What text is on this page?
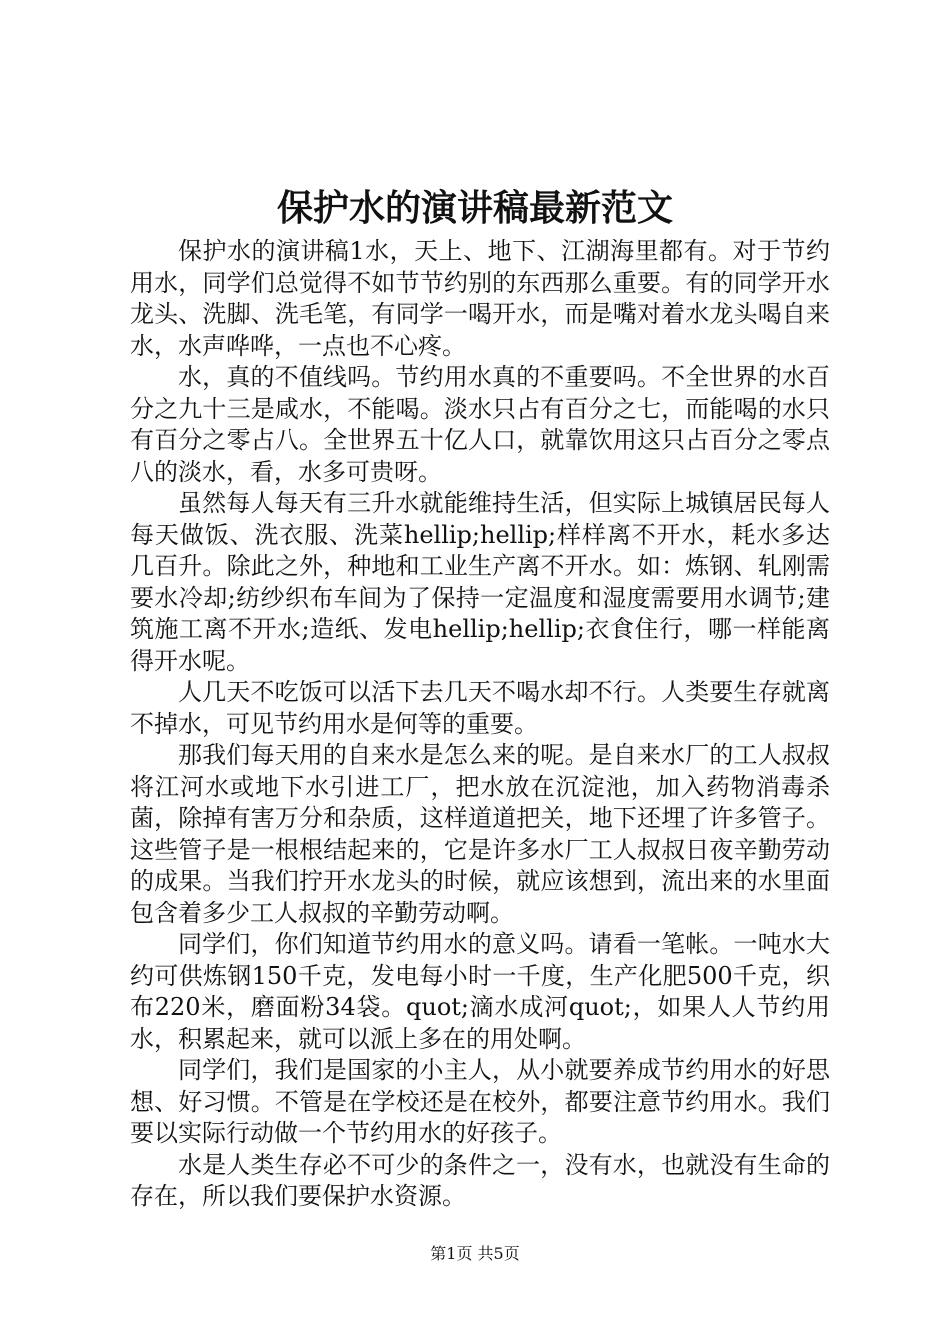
保护水的演讲稿最新范文

保护水的演讲稿1水，天上、地下、江湖海里都有。对于节约用水，同学们总觉得不如节节约别的东西那么重要。有的同学开水龙头、洗脚、洗毛笔，有同学一喝开水，而是嘴对着水龙头喝自来水，水声哗哗，一点也不心疼。

水，真的不值线吗。节约用水真的不重要吗。不全世界的水百分之九十三是咸水，不能喝。淡水只占有百分之七，而能喝的水只有百分之零占八。全世界五十亿人口，就靠饮用这只占百分之零点八的淡水，看，水多可贵呀。

虽然每人每天有三升水就能维持生活，但实际上城镇居民每人每天做饭、洗衣服、洗菜hellip;hellip;样样离不开水，耗水多达几百升。除此之外，种地和工业生产离不开水。如：炼钢、轧刚需要水冷却;纺纱织布车间为了保持一定温度和湿度需要用水调节;建筑施工离不开水;造纸、发电hellip;hellip;衣食住行，哪一样能离得开水呢。

人几天不吃饭可以活下去几天不喝水却不行。人类要生存就离不掉水，可见节约用水是何等的重要。

那我们每天用的自来水是怎么来的呢。是自来水厂的工人叔叔将江河水或地下水引进工厂，把水放在沉淀池，加入药物消毒杀菌，除掉有害万分和杂质，这样道道把关，地下还埋了许多管子。这些管子是一根根结起来的，它是许多水厂工人叔叔日夜辛勤劳动的成果。当我们拧开水龙头的时候，就应该想到，流出来的水里面包含着多少工人叔叔的辛勤劳动啊。

同学们，你们知道节约用水的意义吗。请看一笔帐。一吨水大约可供炼钢150千克，发电每小时一千度，生产化肥500千克，织布220米，磨面粉34袋。quot;滴水成河quot;，如果人人节约用水，积累起来，就可以派上多在的用处啊。

同学们，我们是国家的小主人，从小就要养成节约用水的好思想、好习惯。不管是在学校还是在校外，都要注意节约用水。我们要以实际行动做一个节约用水的好孩子。

水是人类生存必不可少的条件之一，没有水，也就没有生命的存在，所以我们要保护水资源。

第1页 共5页
